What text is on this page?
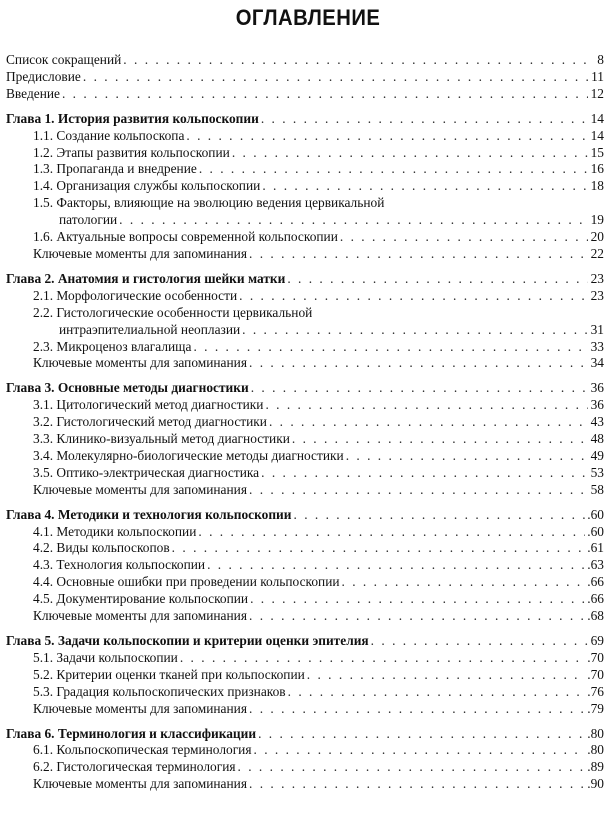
ОГЛАВЛЕНИЕ
Список сокращений . . .	8
Предисловие . . .	11
Введение . . .	12
Глава 1. История развития кольпоскопии . . .	14
1.1. Создание кольпоскопа . . .	14
1.2. Этапы развития кольпоскопии . . .	15
1.3. Пропаганда и внедрение . . .	16
1.4. Организация службы кольпоскопии . . .	18
1.5. Факторы, влияющие на эволюцию ведения цервикальной
патологии . . .	19
1.6. Актуальные вопросы современной кольпоскопии . . .	20
Ключевые моменты для запоминания . . .	22
Глава 2. Анатомия и гистология шейки матки . . .	23
2.1. Морфологические особенности . . .	23
2.2. Гистологические особенности цервикальной
интраэпителиальной неоплазии . . .	31
2.3. Микроценоз влагалища . . .	33
Ключевые моменты для запоминания . . .	34
Глава 3. Основные методы диагностики . . .	36
3.1. Цитологический метод диагностики . . .	36
3.2. Гистологический метод диагностики . . .	43
3.3. Клинико-визуальный метод диагностики . . .	48
3.4. Молекулярно-биологические методы диагностики . . .	49
3.5. Оптико-электрическая диагностика . . .	53
Ключевые моменты для запоминания . . .	58
Глава 4. Методики и технология кольпоскопии . . .	.60
4.1. Методики кольпоскопии . . .	.60
4.2. Виды кольпоскопов . . .	.61
4.3. Технология кольпоскопии . . .	.63
4.4. Основные ошибки при проведении кольпоскопии . . .	.66
4.5. Документирование кольпоскопии . . .	.66
Ключевые моменты для запоминания . . .	.68
Глава 5. Задачи кольпоскопии и критерии оценки эпителия . . .	69
5.1. Задачи кольпоскопии . . .	.70
5.2. Критерии оценки тканей при кольпоскопии . . .	.70
5.3. Градация кольпоскопических признаков . . .	.76
Ключевые моменты для запоминания . . .	.79
Глава 6. Терминология и классификации . . .	.80
6.1. Кольпоскопическая терминология . . .	.80
6.2. Гистологическая терминология . . .	.89
Ключевые моменты для запоминания . . .	.90
